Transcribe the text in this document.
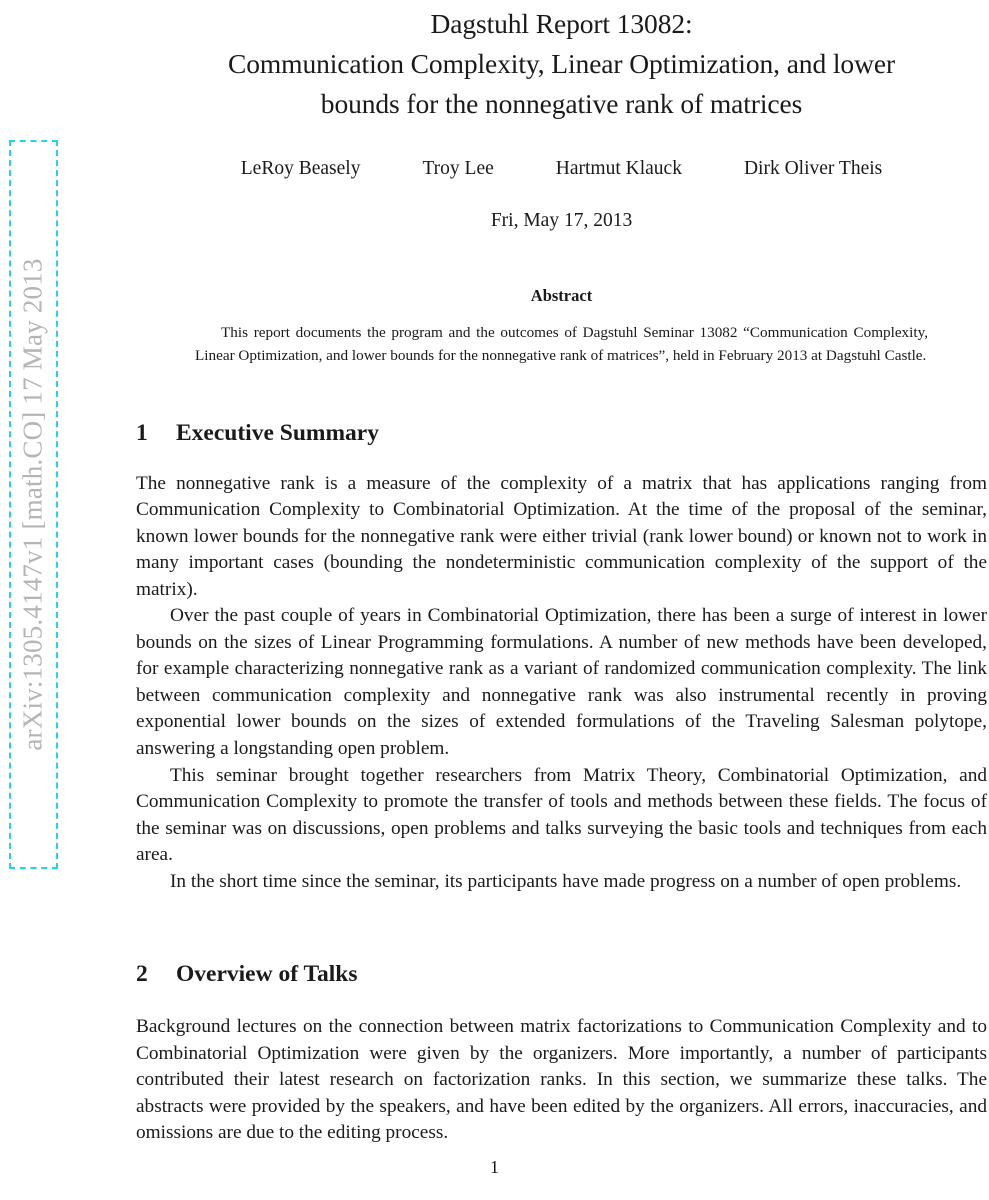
arXiv:1305.4147v1 [math.CO] 17 May 2013
Dagstuhl Report 13082:
Communication Complexity, Linear Optimization, and lower
bounds for the nonnegative rank of matrices
LeRoy Beasely	Troy Lee	Hartmut Klauck	Dirk Oliver Theis
Fri, May 17, 2013
Abstract
This report documents the program and the outcomes of Dagstuhl Seminar 13082 “Communication Complexity, Linear Optimization, and lower bounds for the nonnegative rank of matrices”, held in February 2013 at Dagstuhl Castle.
1	Executive Summary

The nonnegative rank is a measure of the complexity of a matrix that has applications ranging from Communication Complexity to Combinatorial Optimization. At the time of the proposal of the seminar, known lower bounds for the nonnegative rank were either trivial (rank lower bound) or known not to work in many important cases (bounding the nondeterministic communication complexity of the support of the matrix).

Over the past couple of years in Combinatorial Optimization, there has been a surge of interest in lower bounds on the sizes of Linear Programming formulations. A number of new methods have been developed, for example characterizing nonnegative rank as a variant of randomized communication complexity. The link between communication complexity and nonnegative rank was also instrumental recently in proving exponential lower bounds on the sizes of extended formulations of the Traveling Salesman polytope, answering a longstanding open problem.

This seminar brought together researchers from Matrix Theory, Combinatorial Optimization, and Communication Complexity to promote the transfer of tools and methods between these fields. The focus of the seminar was on discussions, open problems and talks surveying the basic tools and techniques from each area.

In the short time since the seminar, its participants have made progress on a number of open problems.

2	Overview of Talks

Background lectures on the connection between matrix factorizations to Communication Complexity and to Combinatorial Optimization were given by the organizers. More importantly, a number of participants contributed their latest research on factorization ranks. In this section, we summarize these talks. The abstracts were provided by the speakers, and have been edited by the organizers. All errors, inaccuracies, and omissions are due to the editing process.

1
